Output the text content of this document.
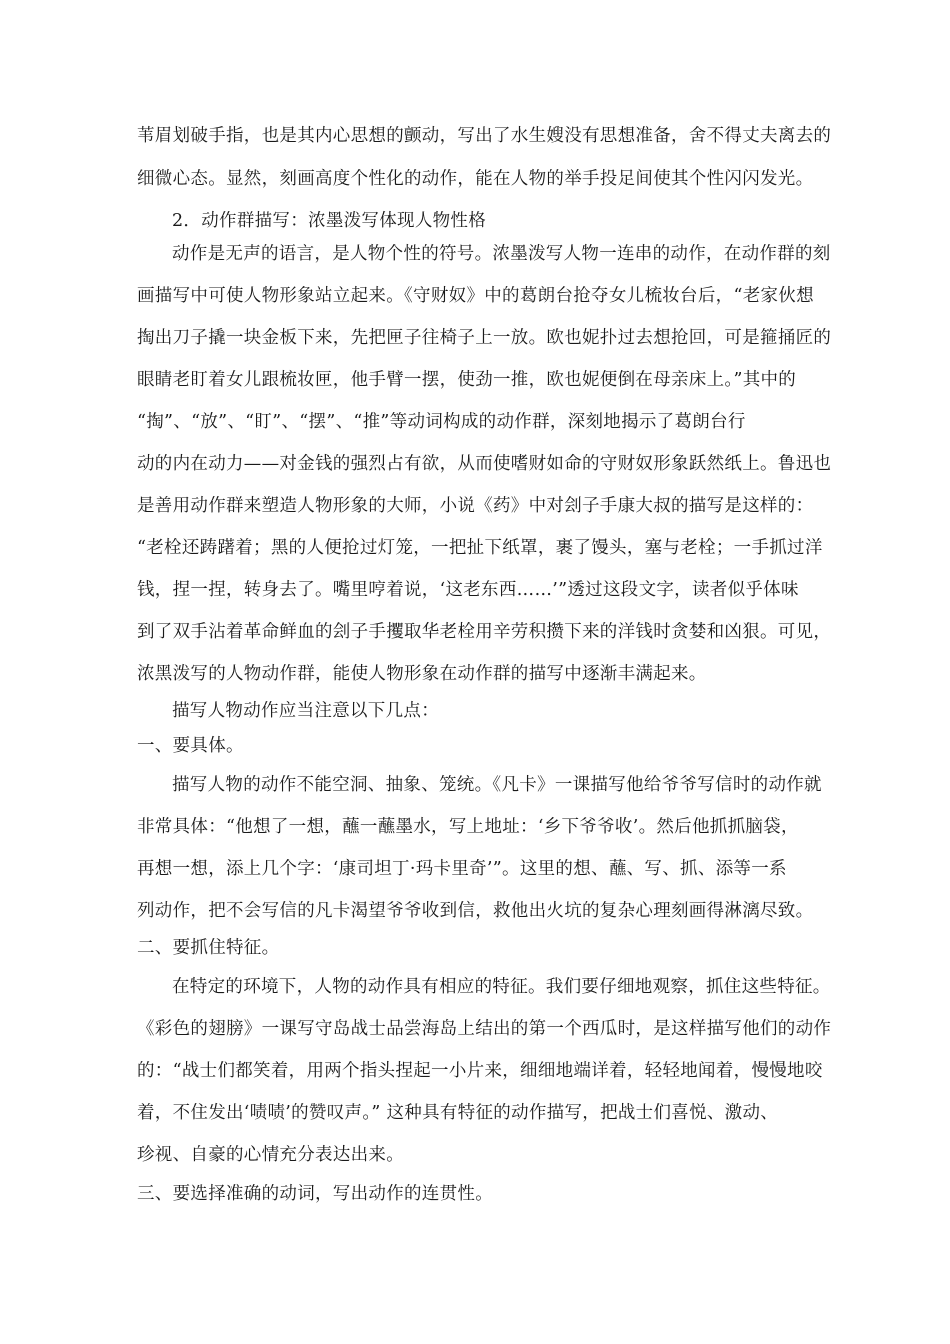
苇眉划破手指，也是其内心思想的颤动，写出了水生嫂没有思想准备，舍不得丈夫离去的
细微心态。显然，刻画高度个性化的动作，能在人物的举手投足间使其个性闪闪发光。
2．动作群描写：浓墨泼写体现人物性格
动作是无声的语言，是人物个性的符号。浓墨泼写人物一连串的动作，在动作群的刻
画描写中可使人物形象站立起来。《守财奴》中的葛朗台抢夺女儿梳妆台后，“老家伙想
掏出刀子撬一块金板下来，先把匣子往椅子上一放。欧也妮扑过去想抢回，可是箍捅匠的
眼睛老盯着女儿跟梳妆匣，他手臂一摆，使劲一推，欧也妮便倒在母亲床上。”其中的
“掏”、“放”、“盯”、“摆”、“推”等动词构成的动作群，深刻地揭示了葛朗台行
动的内在动力——对金钱的强烈占有欲，从而使嗜财如命的守财奴形象跃然纸上。鲁迅也
是善用动作群来塑造人物形象的大师，小说《药》中对刽子手康大叔的描写是这样的：
“老栓还踌躇着；黑的人便抢过灯笼，一把扯下纸罩，裹了馒头，塞与老栓；一手抓过洋
钱，捏一捏，转身去了。嘴里哼着说，‘这老东西……’”透过这段文字，读者似乎体味
到了双手沾着革命鲜血的刽子手攫取华老栓用辛劳积攒下来的洋钱时贪婪和凶狠。可见，
浓黑泼写的人物动作群，能使人物形象在动作群的描写中逐渐丰满起来。
描写人物动作应当注意以下几点：
一、要具体。
描写人物的动作不能空洞、抽象、笼统。《凡卡》一课描写他给爷爷写信时的动作就
非常具体：“他想了一想，蘸一蘸墨水，写上地址：‘乡下爷爷收’。然后他抓抓脑袋，
再想一想，添上几个字：‘康司坦丁·玛卡里奇’”。这里的想、蘸、写、抓、添等一系
列动作，把不会写信的凡卡渴望爷爷收到信，救他出火坑的复杂心理刻画得淋漓尽致。
二、要抓住特征。
在特定的环境下，人物的动作具有相应的特征。我们要仔细地观察，抓住这些特征。
《彩色的翅膀》一课写守岛战士品尝海岛上结出的第一个西瓜时，是这样描写他们的动作
的：“战士们都笑着，用两个指头捏起一小片来，细细地端详着，轻轻地闻着，慢慢地咬
着，不住发出‘啧啧’的赞叹声。” 这种具有特征的动作描写，把战士们喜悦、激动、
珍视、自豪的心情充分表达出来。
三、要选择准确的动词，写出动作的连贯性。
